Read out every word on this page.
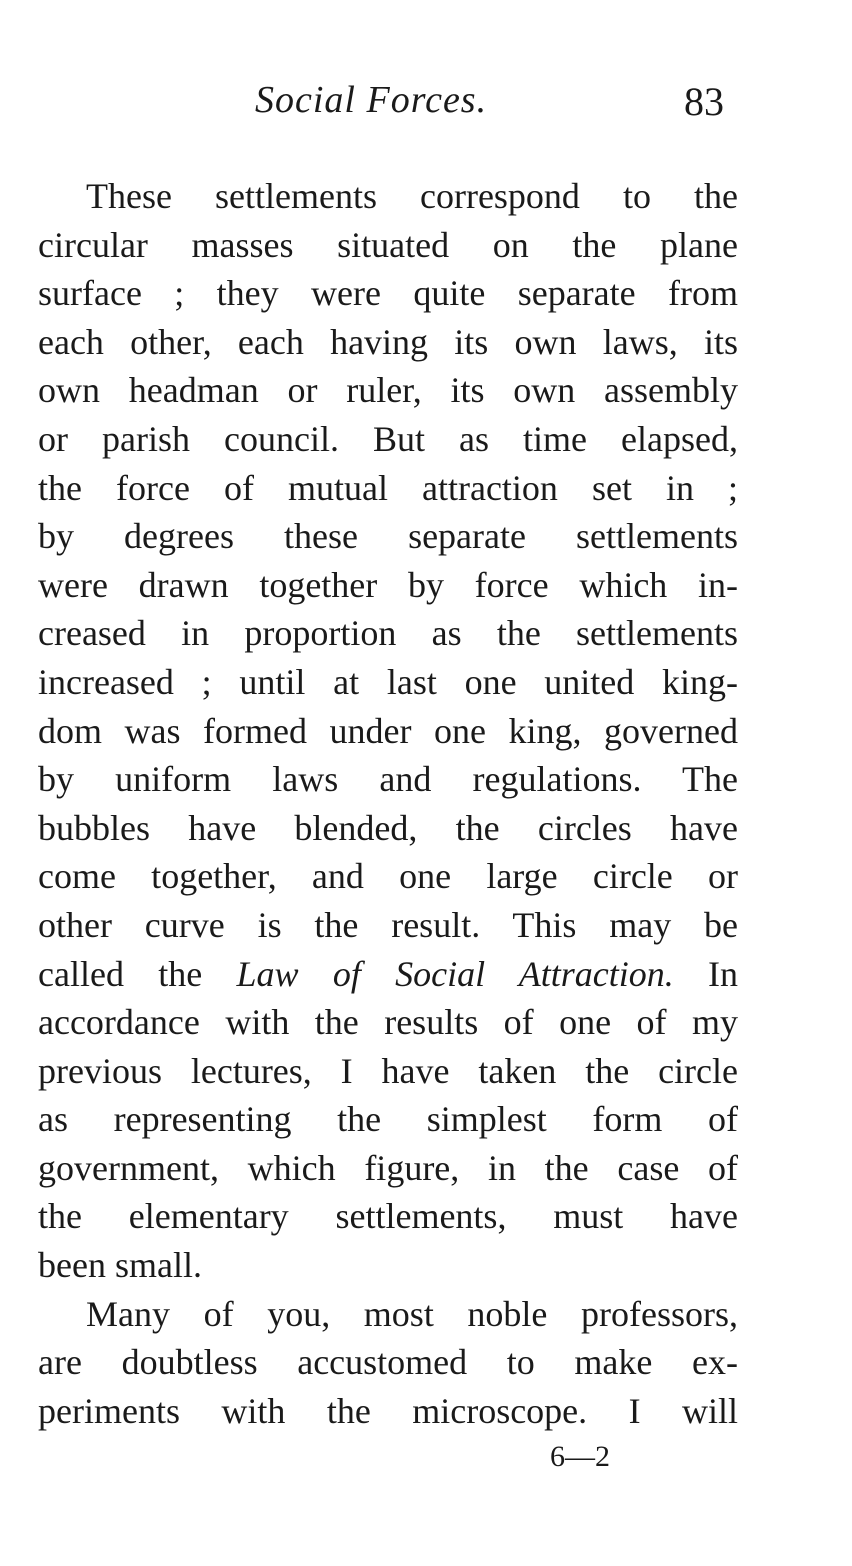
Social Forces.	83
These settlements correspond to the
circular masses situated on the plane
surface ; they were quite separate from
each other, each having its own laws, its
own headman or ruler, its own assembly
or parish council. But as time elapsed,
the force of mutual attraction set in ;
by degrees these separate settlements
were drawn together by force which in-
creased in proportion as the settlements
increased ; until at last one united king-
dom was formed under one king, governed
by uniform laws and regulations. The
bubbles have blended, the circles have
come together, and one large circle or
other curve is the result. This may be
called the Law of Social Attraction. In
accordance with the results of one of my
previous lectures, I have taken the circle
as representing the simplest form of
government, which figure, in the case of
the elementary settlements, must have
been small.
Many of you, most noble professors,
are doubtless accustomed to make ex-
periments with the microscope. I will
6—2
